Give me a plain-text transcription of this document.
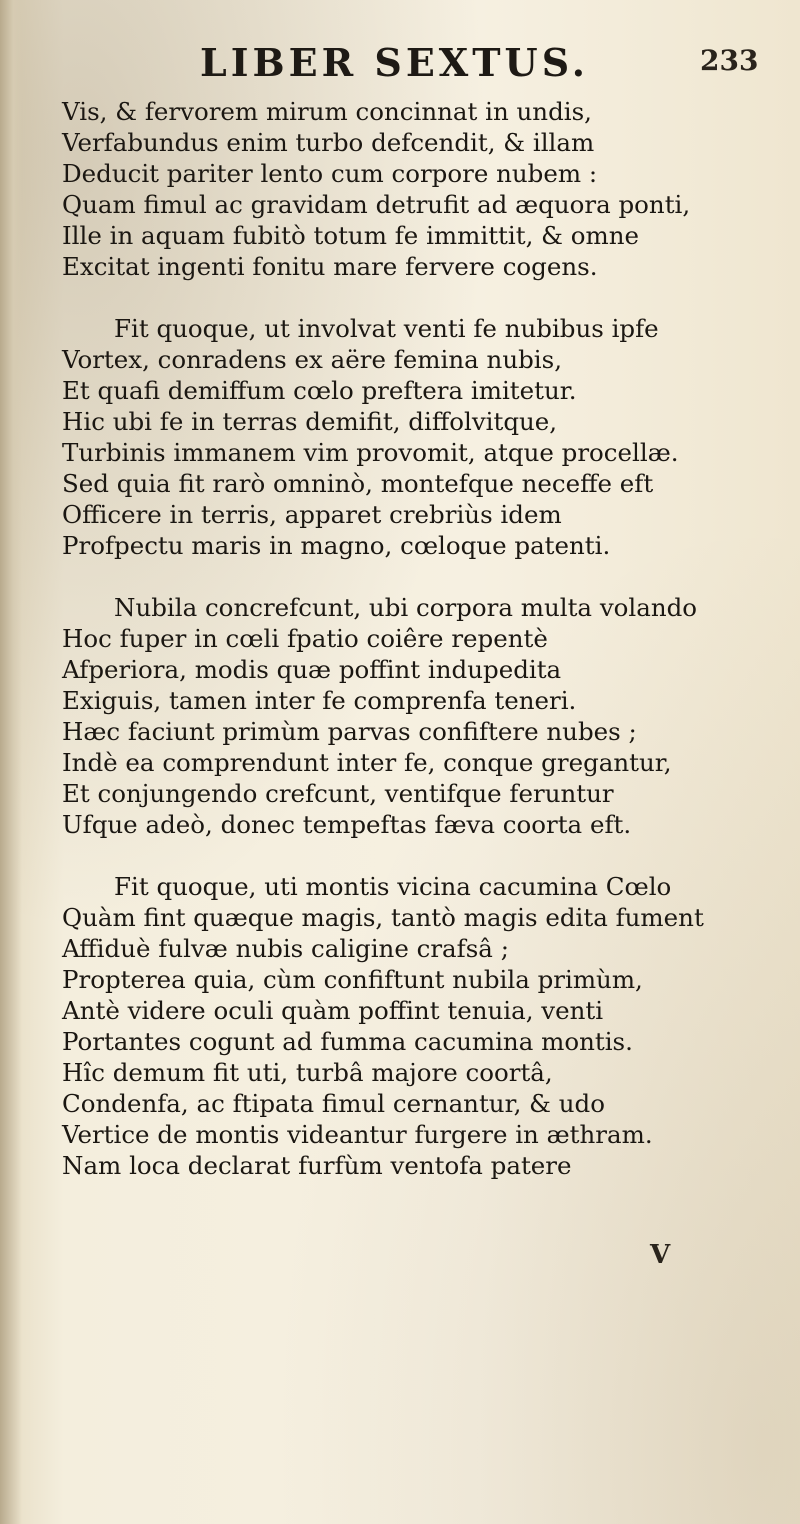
LIBER SEXTUS.	233
Vis, & fervorem mirum concinnat in undis,
Verfabundus enim turbo defcendit, & illam
Deducit pariter lento cum corpore nubem :
Quam fimul ac gravidam detrufit ad æquora ponti,
Ille in aquam fubitò totum fe immittit, & omne
Excitat ingenti fonitu mare fervere cogens.
Fit quoque, ut involvat venti fe nubibus ipfe
Vortex, conradens ex aëre femina nubis,
Et quafi demiffum cœlo preftera imitetur.
Hic ubi fe in terras demifit, diffolvitque,
Turbinis immanem vim provomit, atque procellæ.
Sed quia fit rarò omninò, montefque neceffe eft
Officere in terris, apparet crebriùs idem
Profpectu maris in magno, cœloque patenti.
Nubila concrefcunt, ubi corpora multa volando
Hoc fuper in cœli fpatio coiêre repentè
Afperiora, modis quæ poffint indupedita
Exiguis, tamen inter fe comprenfa teneri.
Hæc faciunt primùm parvas confiftere nubes ;
Indè ea comprendunt inter fe, conque gregantur,
Et conjungendo crefcunt, ventifque feruntur
Ufque adeò, donec tempeftas fæva coorta eft.
Fit quoque, uti montis vicina cacumina Cœlo
Quàm fint quæque magis, tantò magis edita fument
Affiduè fulvæ nubis caligine crafsâ ;
Propterea quia, cùm confiftunt nubila primùm,
Antè videre oculi quàm poffint tenuia, venti
Portantes cogunt ad fumma cacumina montis.
Hîc demum fit uti, turbâ majore coortâ,
Condenfa, ac ftipata fimul cernantur, & udo
Vertice de montis videantur furgere in æthram.
Nam loca declarat furfùm ventofa patere
V
